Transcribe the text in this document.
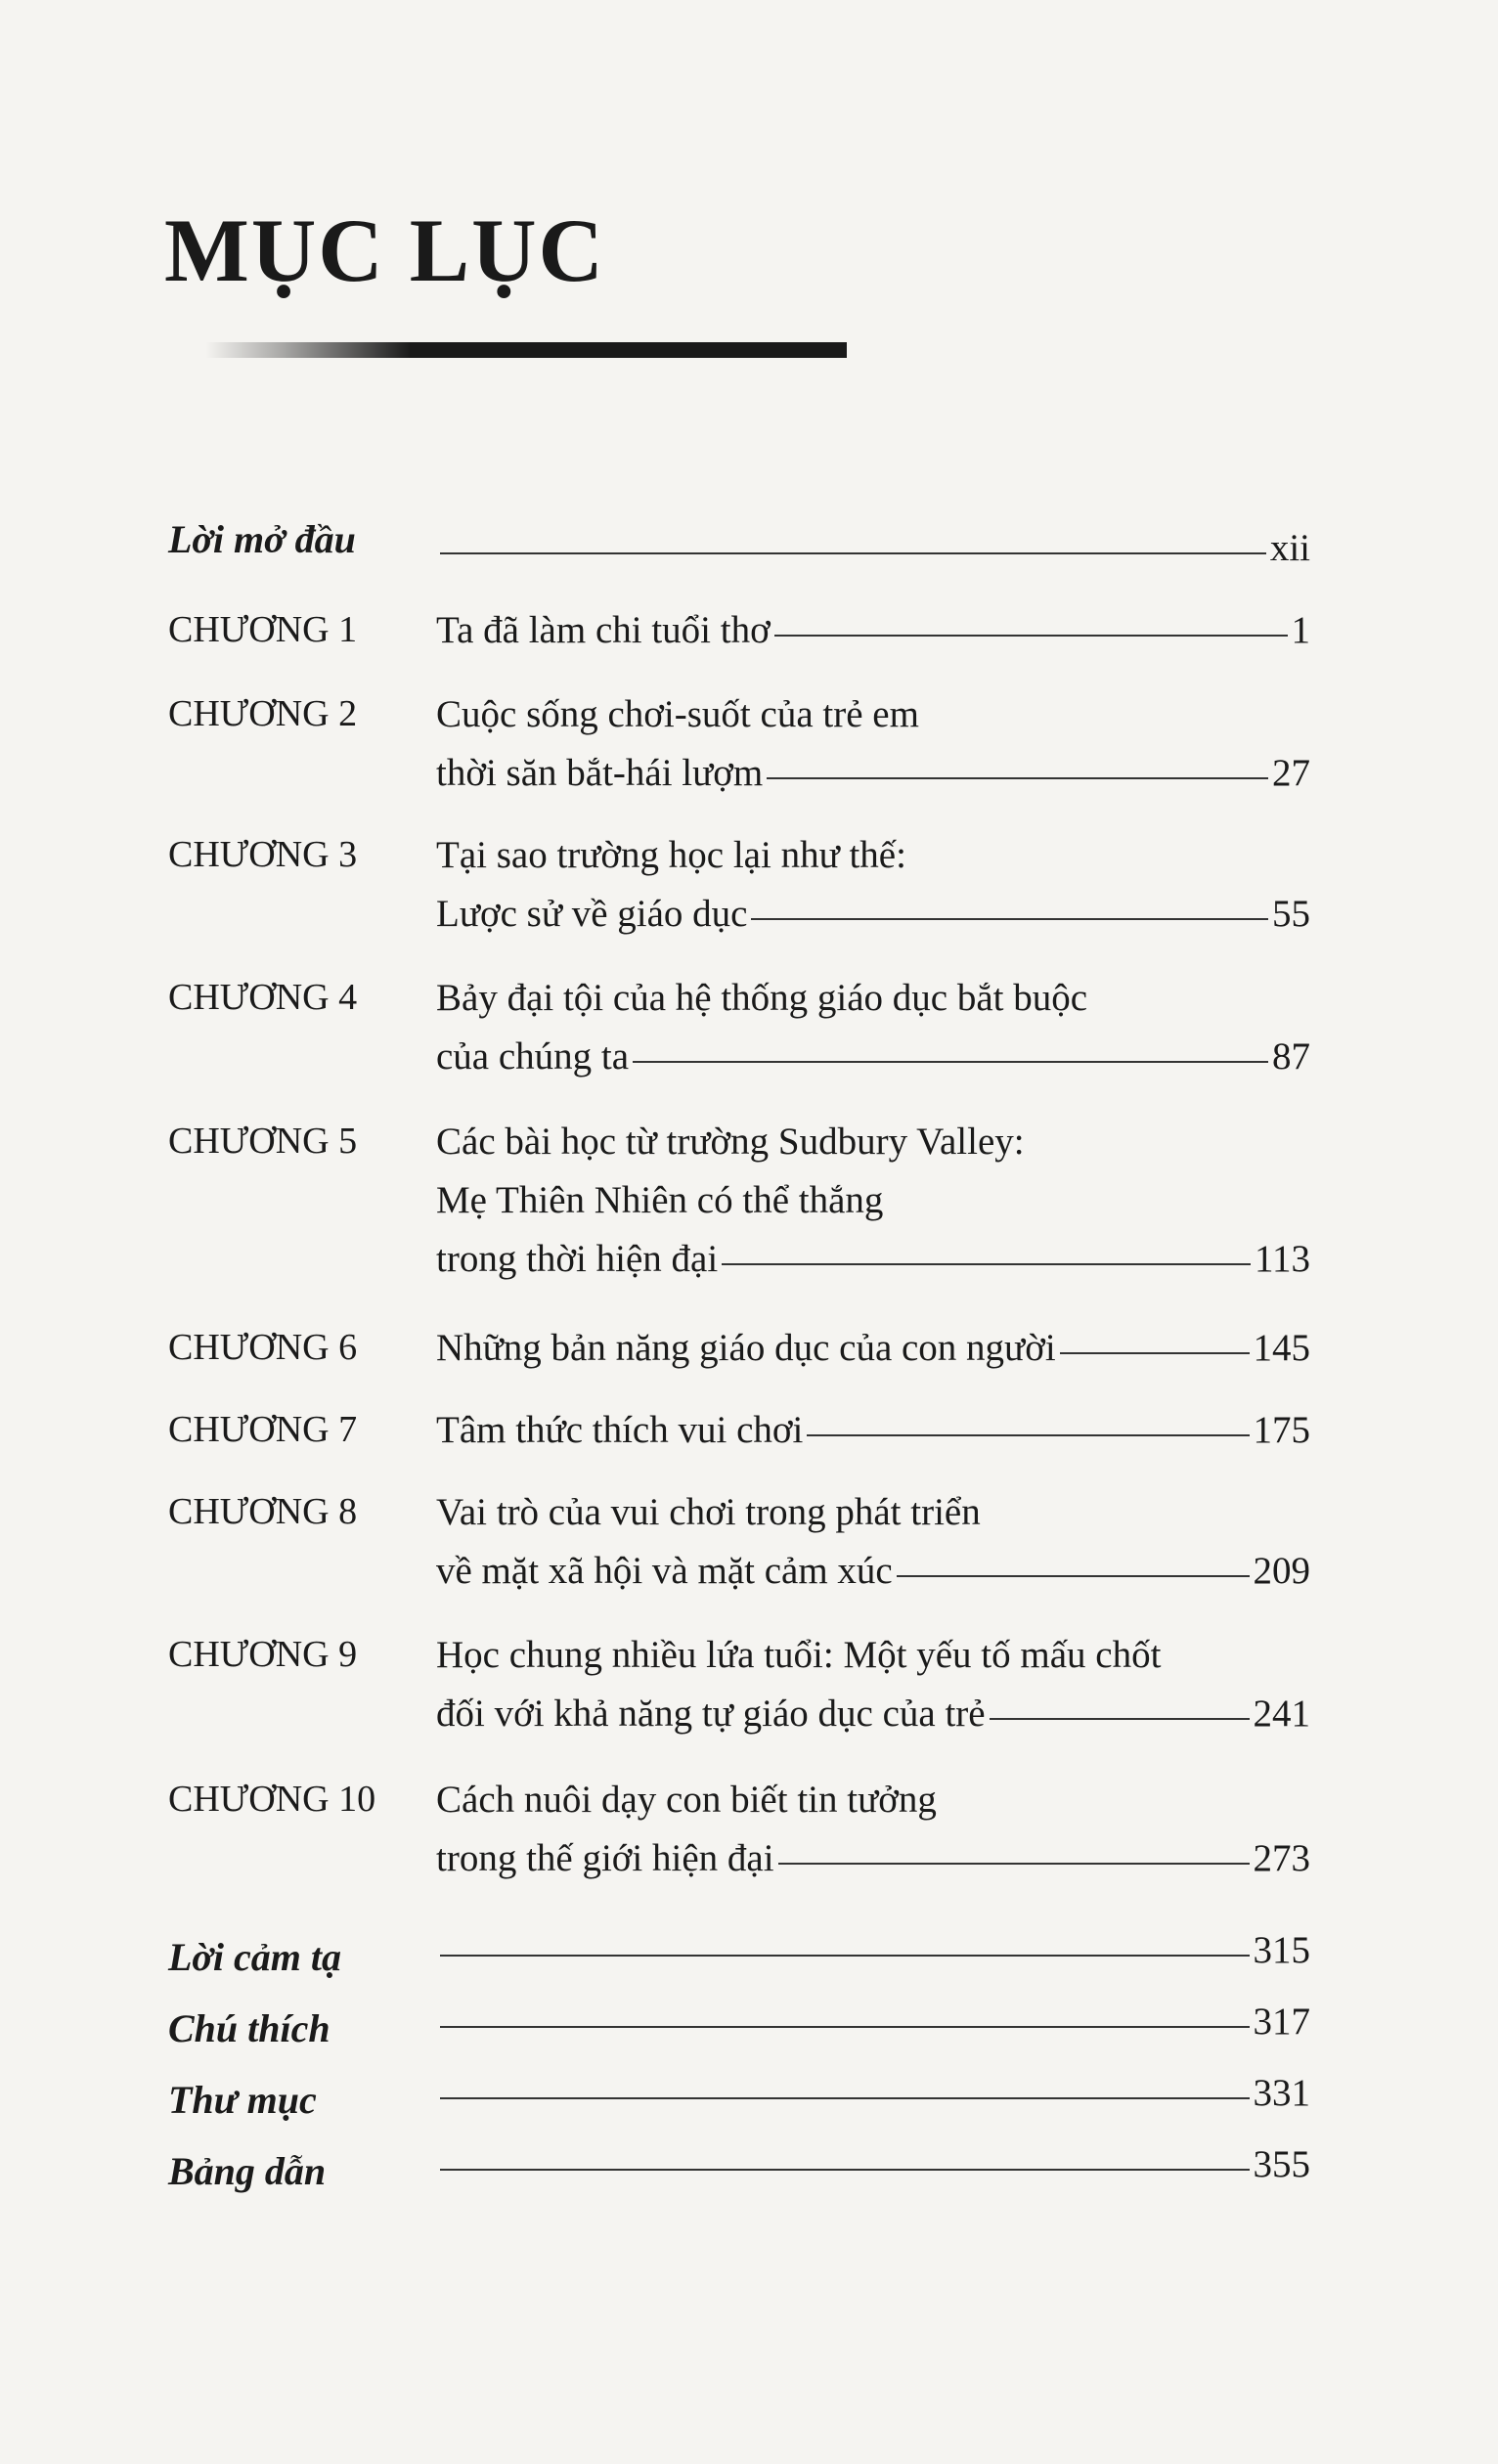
MỤC LỤC
Lời mở đầu	xii
CHƯƠNG 1 Ta đã làm chi tuổi thơ	1
CHƯƠNG 2 Cuộc sống chơi-suốt của trẻ em
thời săn bắt-hái lượm	27
CHƯƠNG 3 Tại sao trường học lại như thế:
Lược sử về giáo dục	55
CHƯƠNG 4 Bảy đại tội của hệ thống giáo dục bắt buộc
của chúng ta	87
CHƯƠNG 5 Các bài học từ trường Sudbury Valley:
Mẹ Thiên Nhiên có thể thắng
trong thời hiện đại	113
CHƯƠNG 6 Những bản năng giáo dục của con người	145
CHƯƠNG 7 Tâm thức thích vui chơi	175
CHƯƠNG 8 Vai trò của vui chơi trong phát triển
về mặt xã hội và mặt cảm xúc	209
CHƯƠNG 9 Học chung nhiều lứa tuổi: Một yếu tố mấu chốt
đối với khả năng tự giáo dục của trẻ	241
CHƯƠNG 10 Cách nuôi dạy con biết tin tưởng
trong thế giới hiện đại	273
Lời cảm tạ	315
Chú thích	317
Thư mục	331
Bảng dẫn	355
